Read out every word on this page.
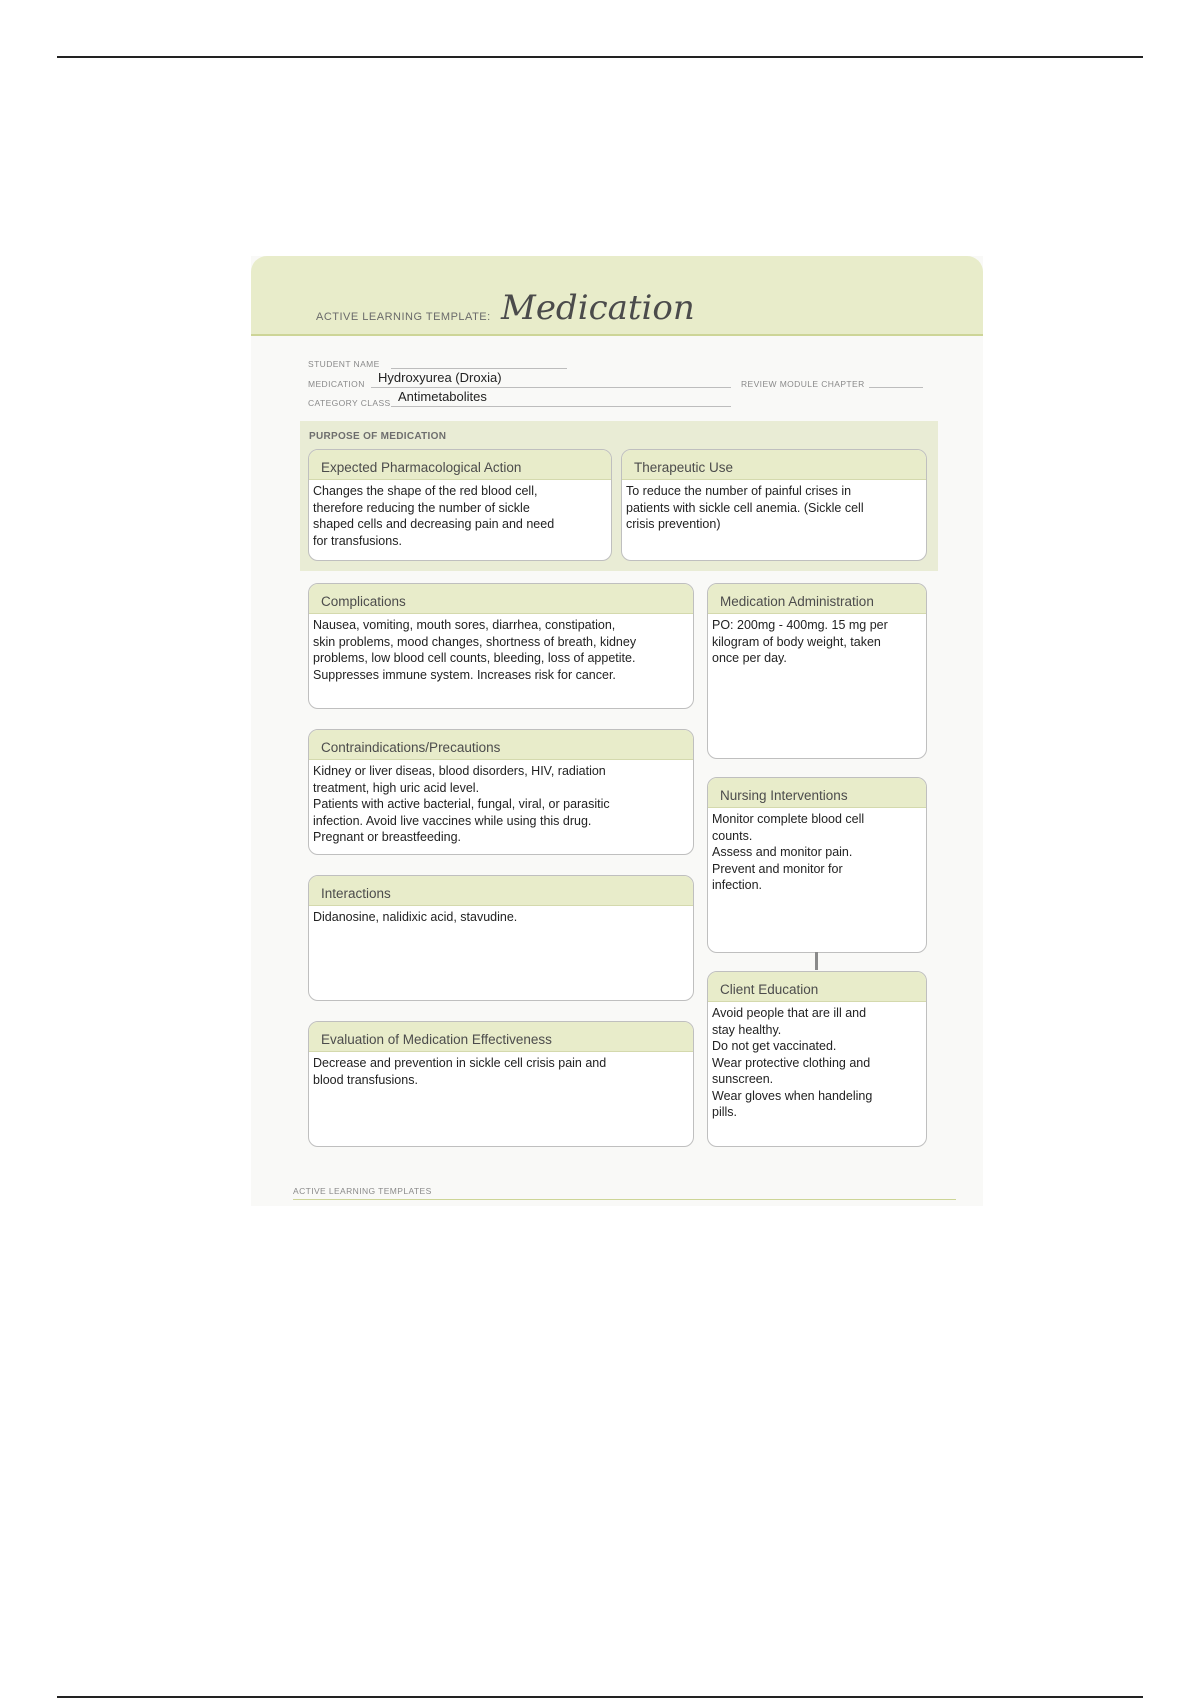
ACTIVE LEARNING TEMPLATE: Medication
STUDENT NAME
MEDICATION Hydroxyurea (Droxia)	REVIEW MODULE CHAPTER
CATEGORY CLASS Antimetabolites
PURPOSE OF MEDICATION
Expected Pharmacological Action
Changes the shape of the red blood cell,
therefore reducing the number of sickle
shaped cells and decreasing pain and need
for transfusions.
Therapeutic Use
To reduce the number of painful crises in
patients with sickle cell anemia. (Sickle cell
crisis prevention)
Complications
Nausea, vomiting, mouth sores, diarrhea, constipation,
skin problems, mood changes, shortness of breath, kidney
problems, low blood cell counts, bleeding, loss of appetite.
Suppresses immune system. Increases risk for cancer.
Contraindications/Precautions
Kidney or liver diseas, blood disorders, HIV, radiation
treatment, high uric acid level.
Patients with active bacterial, fungal, viral, or parasitic
infection. Avoid live vaccines while using this drug.
Pregnant or breastfeeding.
Interactions
Didanosine, nalidixic acid, stavudine.
Evaluation of Medication Effectiveness
Decrease and prevention in sickle cell crisis pain and
blood transfusions.
Medication Administration
PO: 200mg - 400mg. 15 mg per
kilogram of body weight, taken
once per day.
Nursing Interventions
Monitor complete blood cell
counts.
Assess and monitor pain.
Prevent and monitor for
infection.
Client Education
Avoid people that are ill and
stay healthy.
Do not get vaccinated.
Wear protective clothing and
sunscreen.
Wear gloves when handeling
pills.
ACTIVE LEARNING TEMPLATES
